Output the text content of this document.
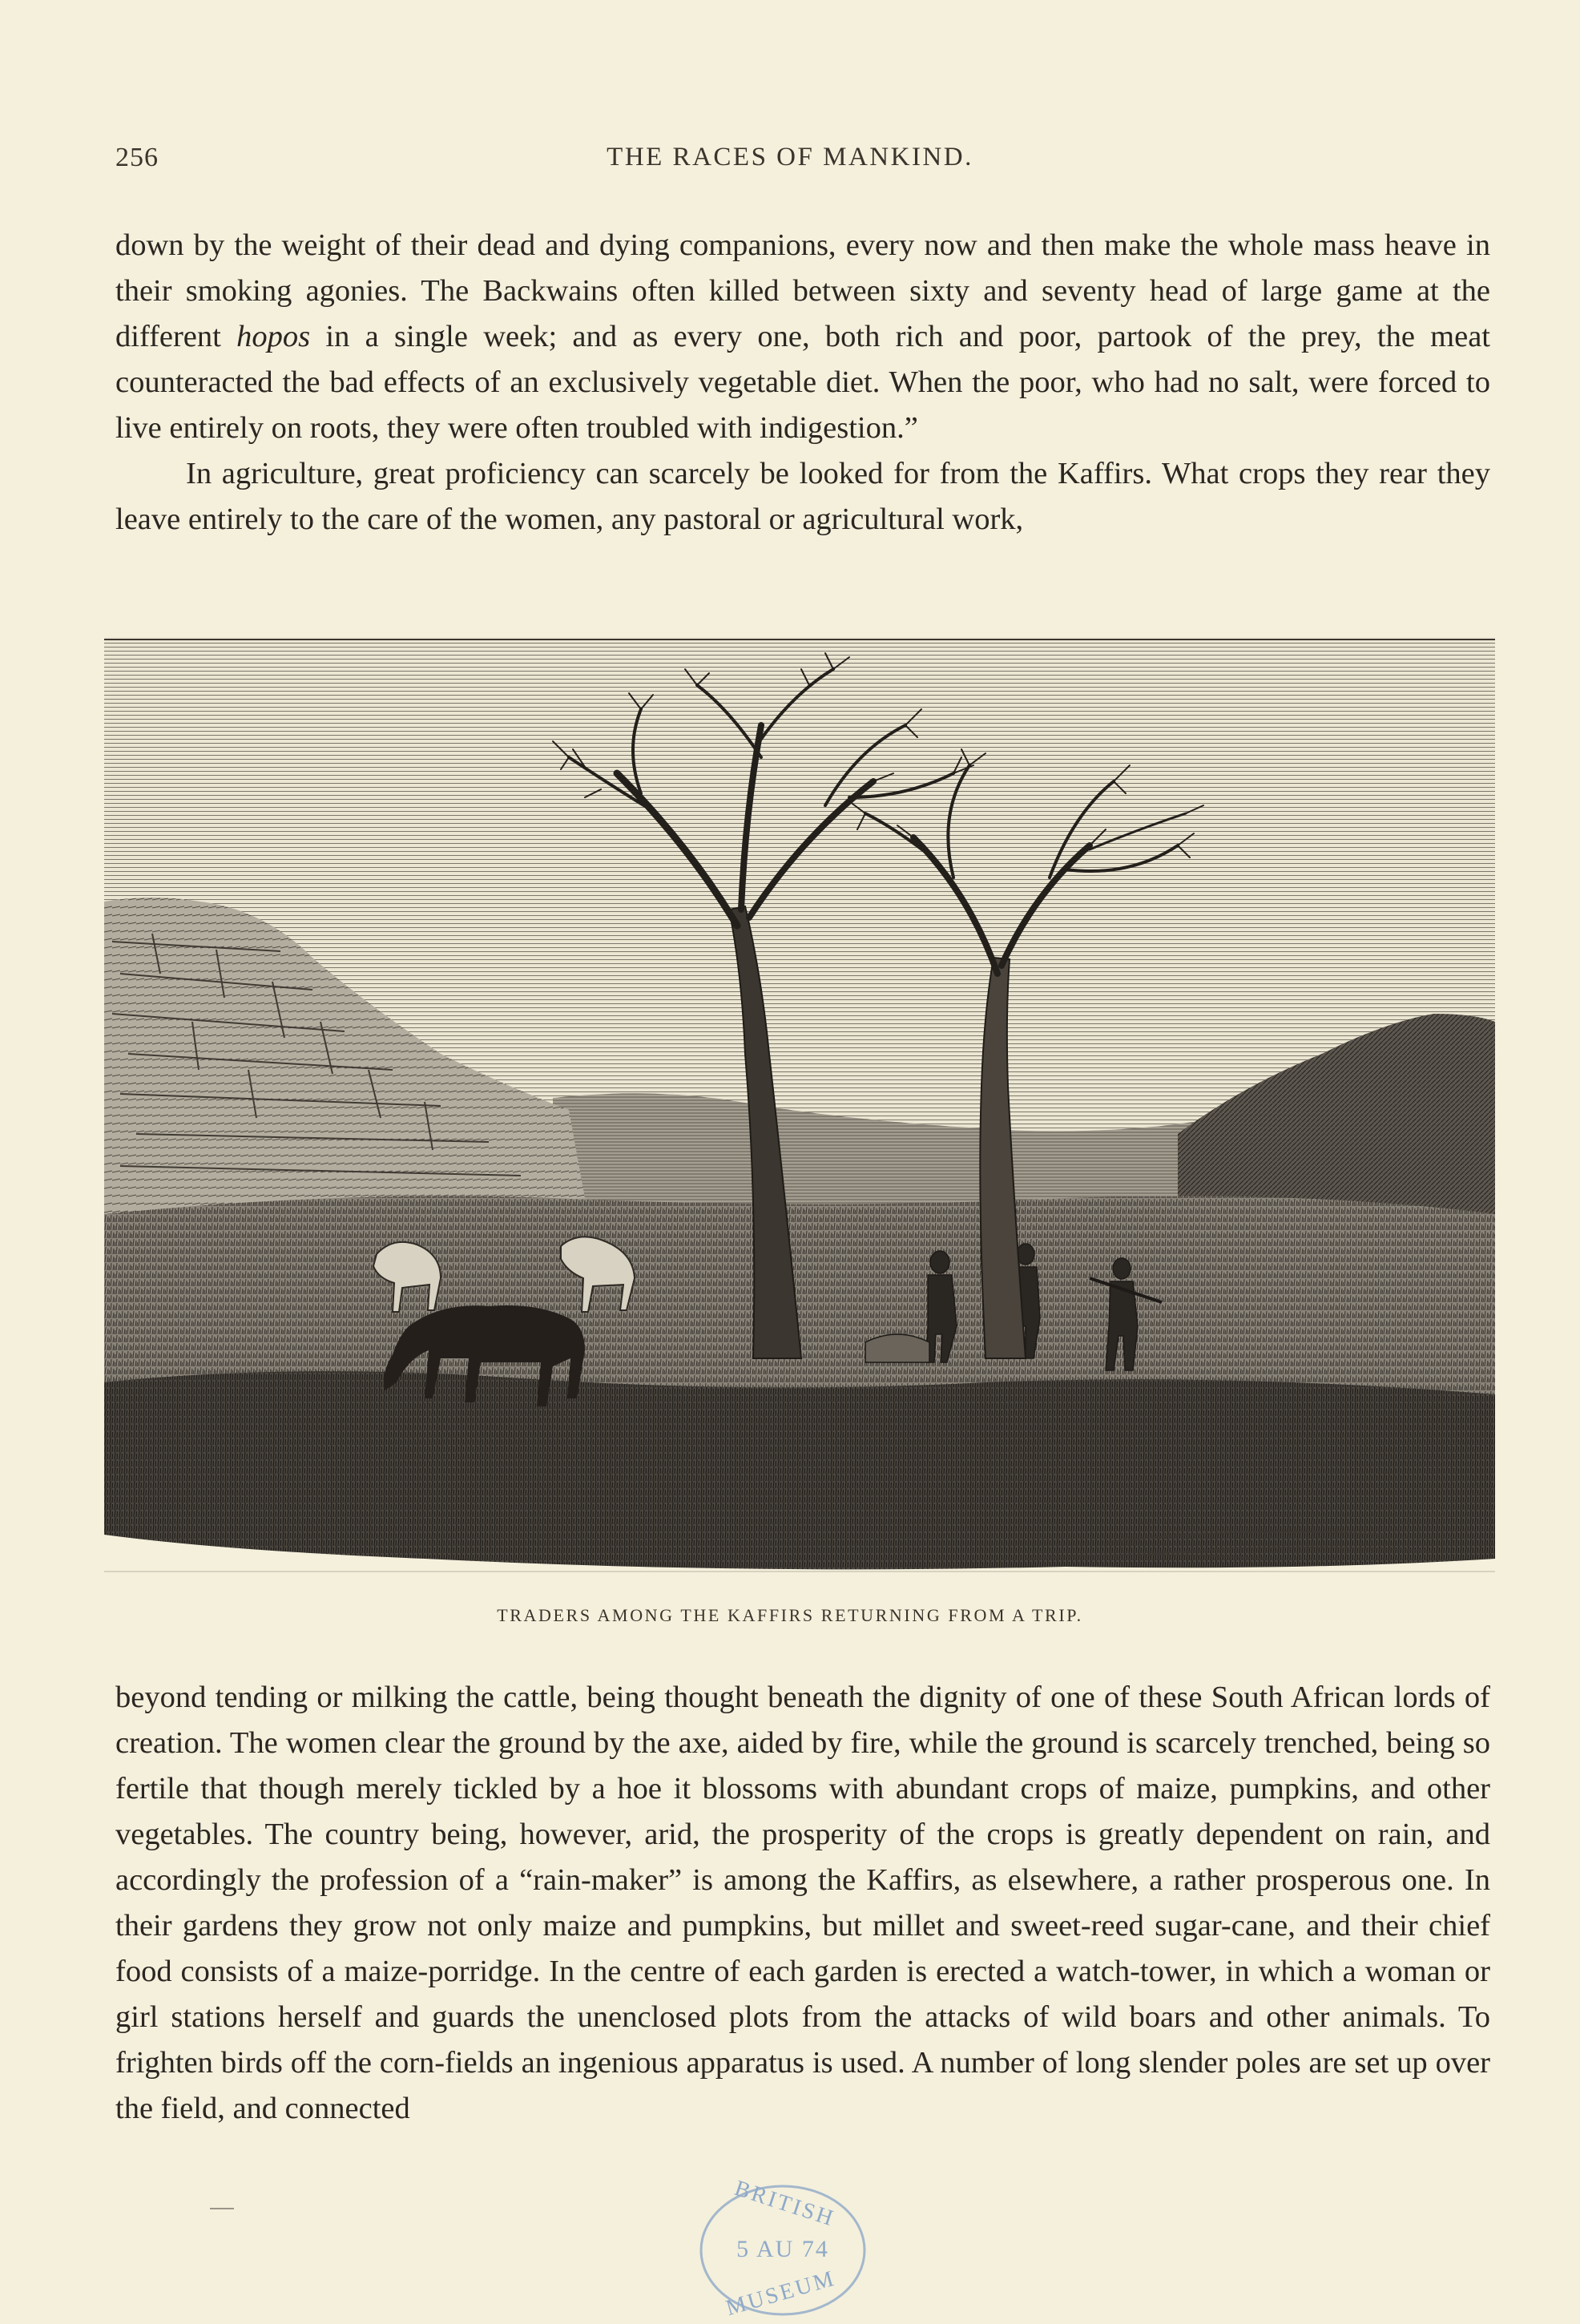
256	THE RACES OF MANKIND.

down by the weight of their dead and dying companions, every now and then make the whole mass heave in their smoking agonies. The Backwains often killed between sixty and seventy head of large game at the different hopos in a single week; and as every one, both rich and poor, partook of the prey, the meat counteracted the bad effects of an exclusively vegetable diet. When the poor, who had no salt, were forced to live entirely on roots, they were often troubled with indigestion.”

In agriculture, great proficiency can scarcely be looked for from the Kaffirs. What crops they rear they leave entirely to the care of the women, any pastoral or agricultural work,

TRADERS AMONG THE KAFFIRS RETURNING FROM A TRIP.

beyond tending or milking the cattle, being thought beneath the dignity of one of these South African lords of creation. The women clear the ground by the axe, aided by fire, while the ground is scarcely trenched, being so fertile that though merely tickled by a hoe it blossoms with abundant crops of maize, pumpkins, and other vegetables. The country being, however, arid, the prosperity of the crops is greatly dependent on rain, and accordingly the profession of a “rain-maker” is among the Kaffirs, as elsewhere, a rather prosperous one. In their gardens they grow not only maize and pumpkins, but millet and sweet-reed sugar-cane, and their chief food consists of a maize-porridge. In the centre of each garden is erected a watch-tower, in which a woman or girl stations herself and guards the unenclosed plots from the attacks of wild boars and other animals. To frighten birds off the corn-fields an ingenious apparatus is used. A number of long slender poles are set up over the field, and connected

BRITISH
5 AU 74
MUSEUM
